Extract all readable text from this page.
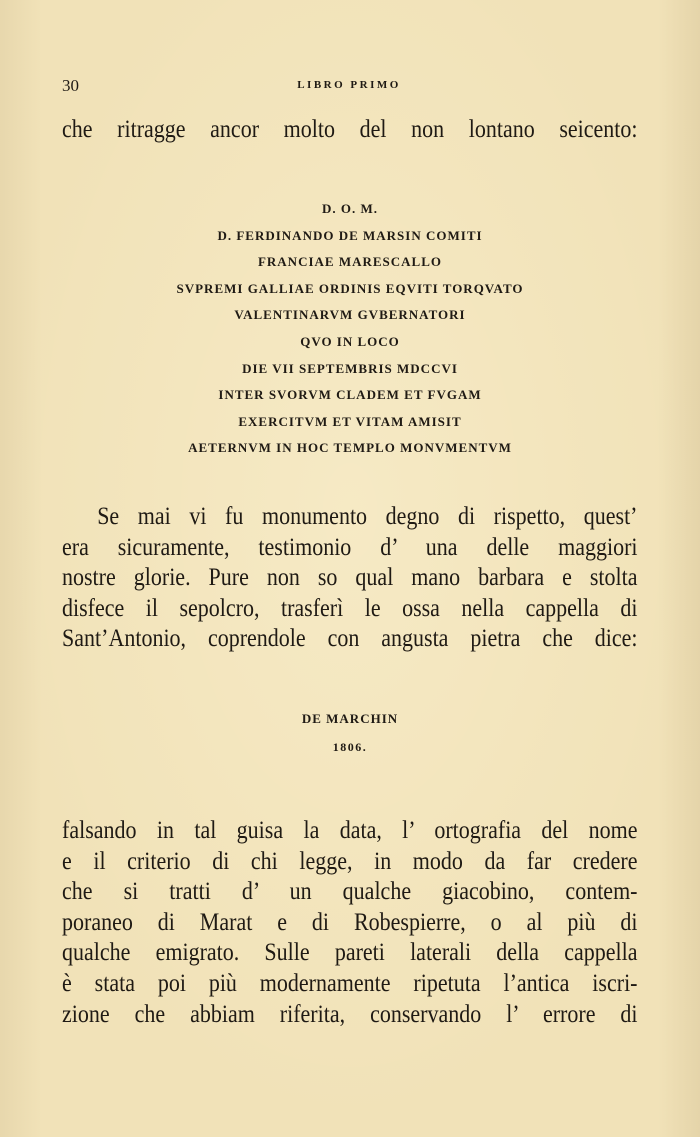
30	LIBRO PRIMO
che ritragge ancor molto del non lontano seicento:
D. O. M.
D. FERDINANDO DE MARSIN COMITI
FRANCIAE MARESCALLO
SVPREMI GALLIAE ORDINIS EQVITI TORQVATO
VALENTINARVM GVBERNATORI
QVO IN LOCO
DIE VII SEPTEMBRIS MDCCVI
INTER SVORVM CLADEM ET FVGAM
EXERCITVM ET VITAM AMISIT
AETERNVM IN HOC TEMPLO MONVMENTVM
Se mai vi fu monumento degno di rispetto, quest’
era sicuramente, testimonio d’ una delle maggiori
nostre glorie. Pure non so qual mano barbara e stolta
disfece il sepolcro, trasferì le ossa nella cappella di
Sant’Antonio, coprendole con angusta pietra che dice:
DE MARCHIN
1806.
falsando in tal guisa la data, l’ ortografia del nome
e il criterio di chi legge, in modo da far credere
che si tratti d’ un qualche giacobino, contem-
poraneo di Marat e di Robespierre, o al più di
qualche emigrato. Sulle pareti laterali della cappella
è stata poi più modernamente ripetuta l’antica iscri-
zione che abbiam riferita, conservando l’ errore di
